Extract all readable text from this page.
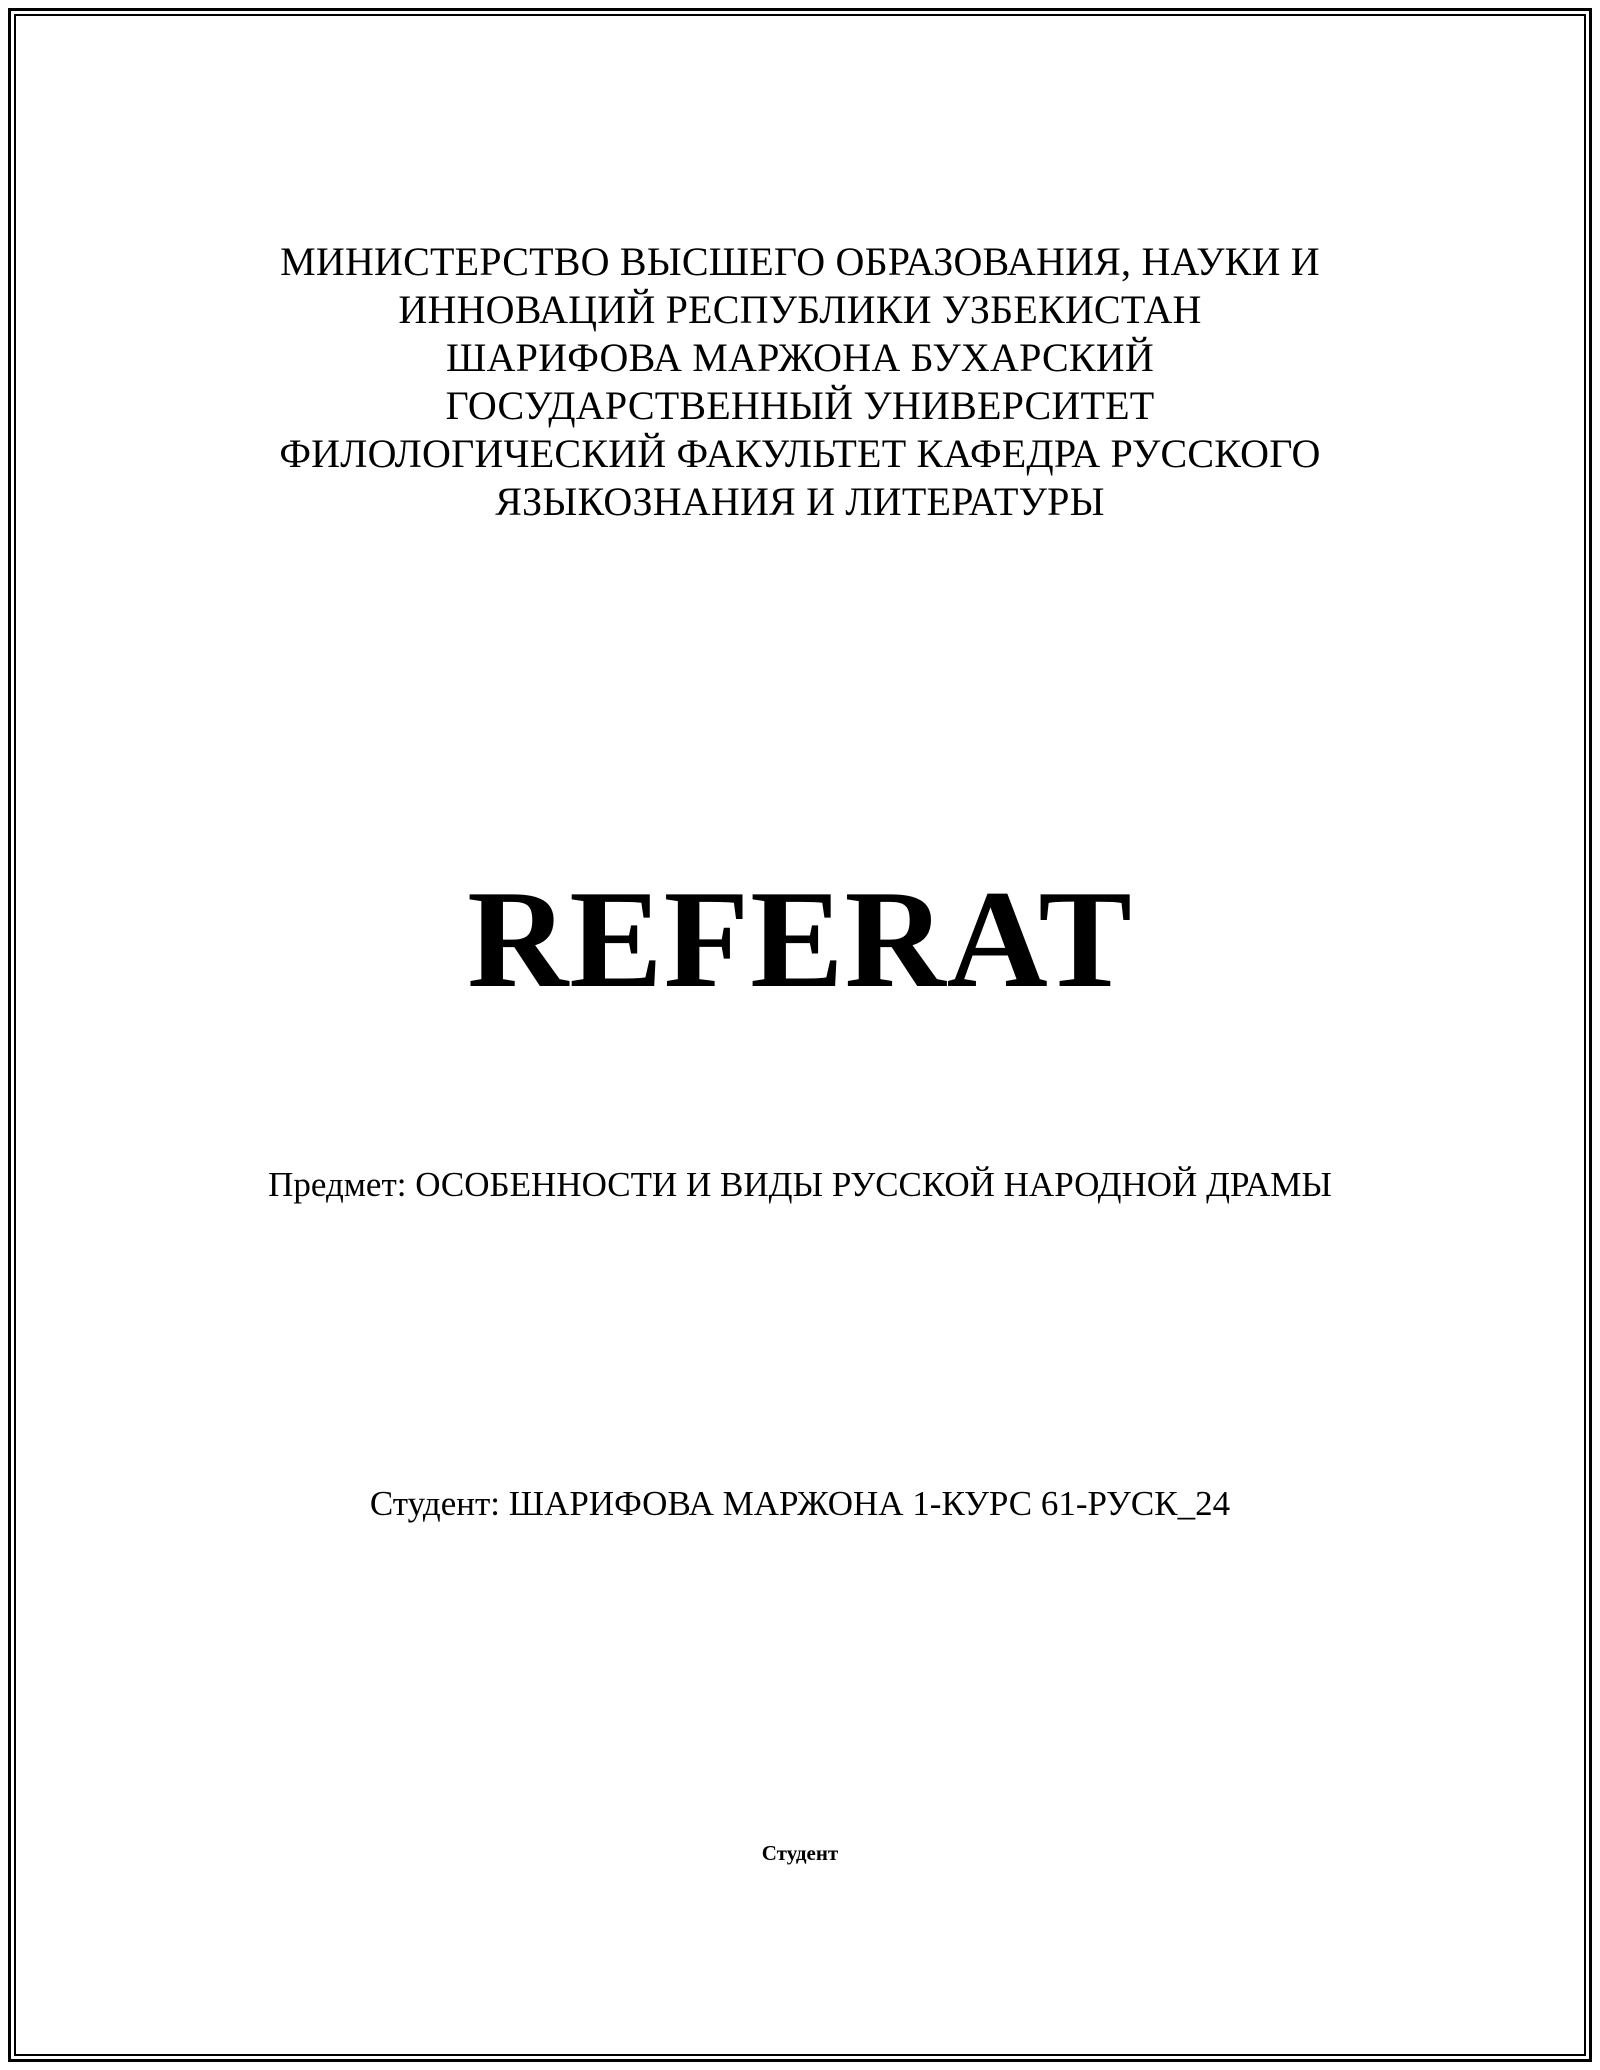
МИНИСТЕРСТВО ВЫСШЕГО ОБРАЗОВАНИЯ, НАУКИ И
ИННОВАЦИЙ РЕСПУБЛИКИ УЗБЕКИСТАН
ШАРИФОВА МАРЖОНА БУХАРСКИЙ
ГОСУДАРСТВЕННЫЙ УНИВЕРСИТЕТ
ФИЛОЛОГИЧЕСКИЙ ФАКУЛЬТЕТ КАФЕДРА РУССКОГО
ЯЗЫКОЗНАНИЯ И ЛИТЕРАТУРЫ
REFERAT
Предмет: ОСОБЕННОСТИ И ВИДЫ РУССКОЙ НАРОДНОЙ ДРАМЫ
Студент: ШАРИФОВА МАРЖОНА 1-КУРС 61-РУСК_24
Студент
